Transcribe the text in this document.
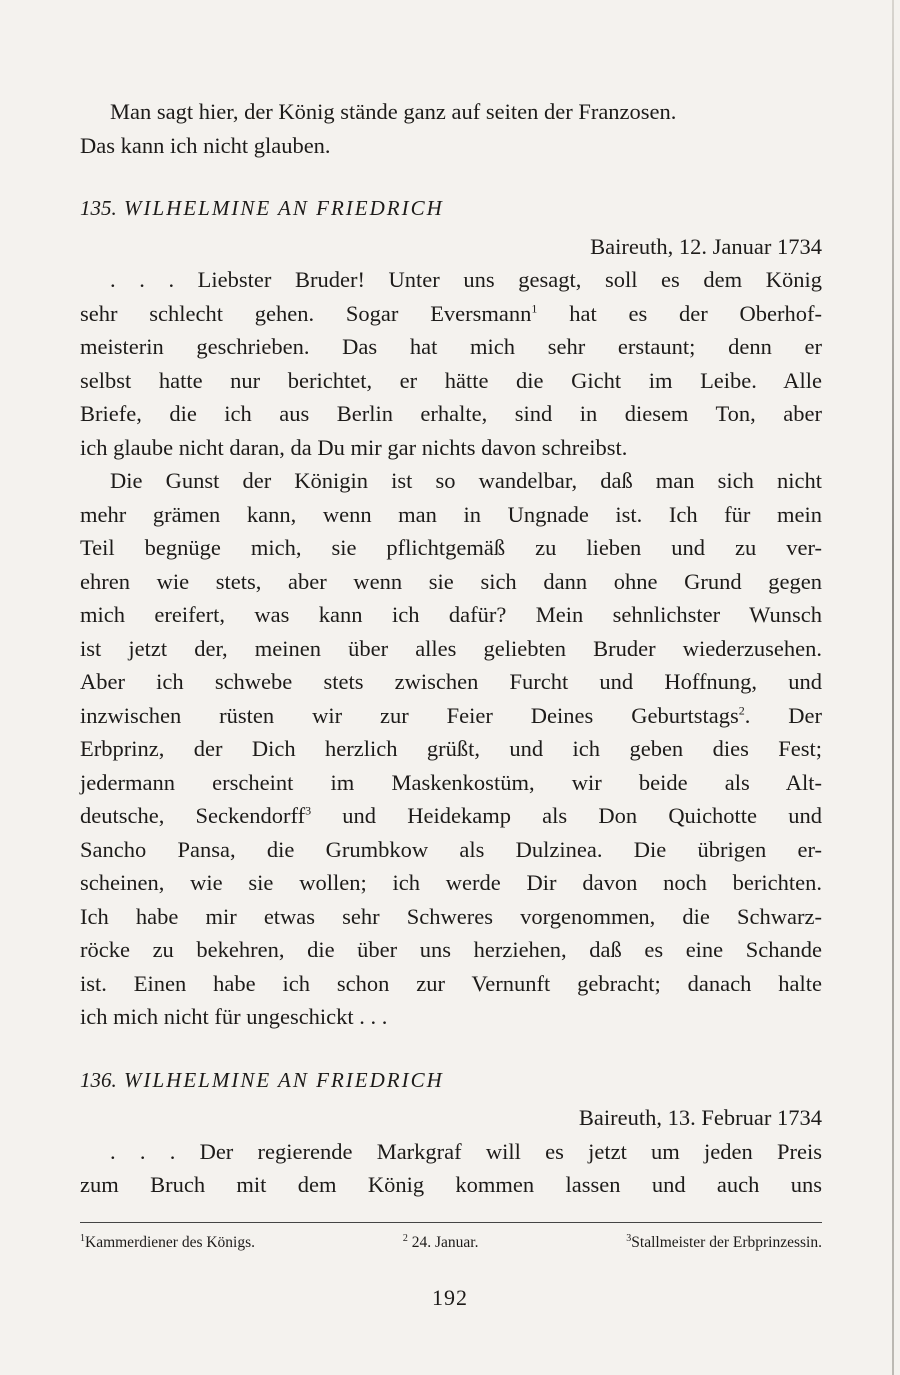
Man sagt hier, der König stände ganz auf seiten der Franzosen.
Das kann ich nicht glauben.
135. WILHELMINE AN FRIEDRICH
Baireuth, 12. Januar 1734
. . . Liebster Bruder! Unter uns gesagt, soll es dem König
sehr schlecht gehen. Sogar Eversmann$^1$ hat es der Oberhof-
meisterin geschrieben. Das hat mich sehr erstaunt; denn er
selbst hatte nur berichtet, er hätte die Gicht im Leibe. Alle
Briefe, die ich aus Berlin erhalte, sind in diesem Ton, aber
ich glaube nicht daran, da Du mir gar nichts davon schreibst.
Die Gunst der Königin ist so wandelbar, daß man sich nicht
mehr grämen kann, wenn man in Ungnade ist. Ich für mein
Teil begnüge mich, sie pflichtgemäß zu lieben und zu ver-
ehren wie stets, aber wenn sie sich dann ohne Grund gegen
mich ereifert, was kann ich dafür? Mein sehnlichster Wunsch
ist jetzt der, meinen über alles geliebten Bruder wiederzusehen.
Aber ich schwebe stets zwischen Furcht und Hoffnung, und
inzwischen rüsten wir zur Feier Deines Geburtstags$^2$. Der
Erbprinz, der Dich herzlich grüßt, und ich geben dies Fest;
jedermann erscheint im Maskenkostüm, wir beide als Alt-
deutsche, Seckendorff$^3$ und Heidekamp als Don Quichotte und
Sancho Pansa, die Grumbkow als Dulzinea. Die übrigen er-
scheinen, wie sie wollen; ich werde Dir davon noch berichten.
Ich habe mir etwas sehr Schweres vorgenommen, die Schwarz-
röcke zu bekehren, die über uns herziehen, daß es eine Schande
ist. Einen habe ich schon zur Vernunft gebracht; danach halte
ich mich nicht für ungeschickt . . .
136. WILHELMINE AN FRIEDRICH
Baireuth, 13. Februar 1734
. . . Der regierende Markgraf will es jetzt um jeden Preis
zum Bruch mit dem König kommen lassen und auch uns
$^1$Kammerdiener des Königs.	$^2$ 24. Januar.	$^3$Stallmeister der Erbprinzessin.
192
